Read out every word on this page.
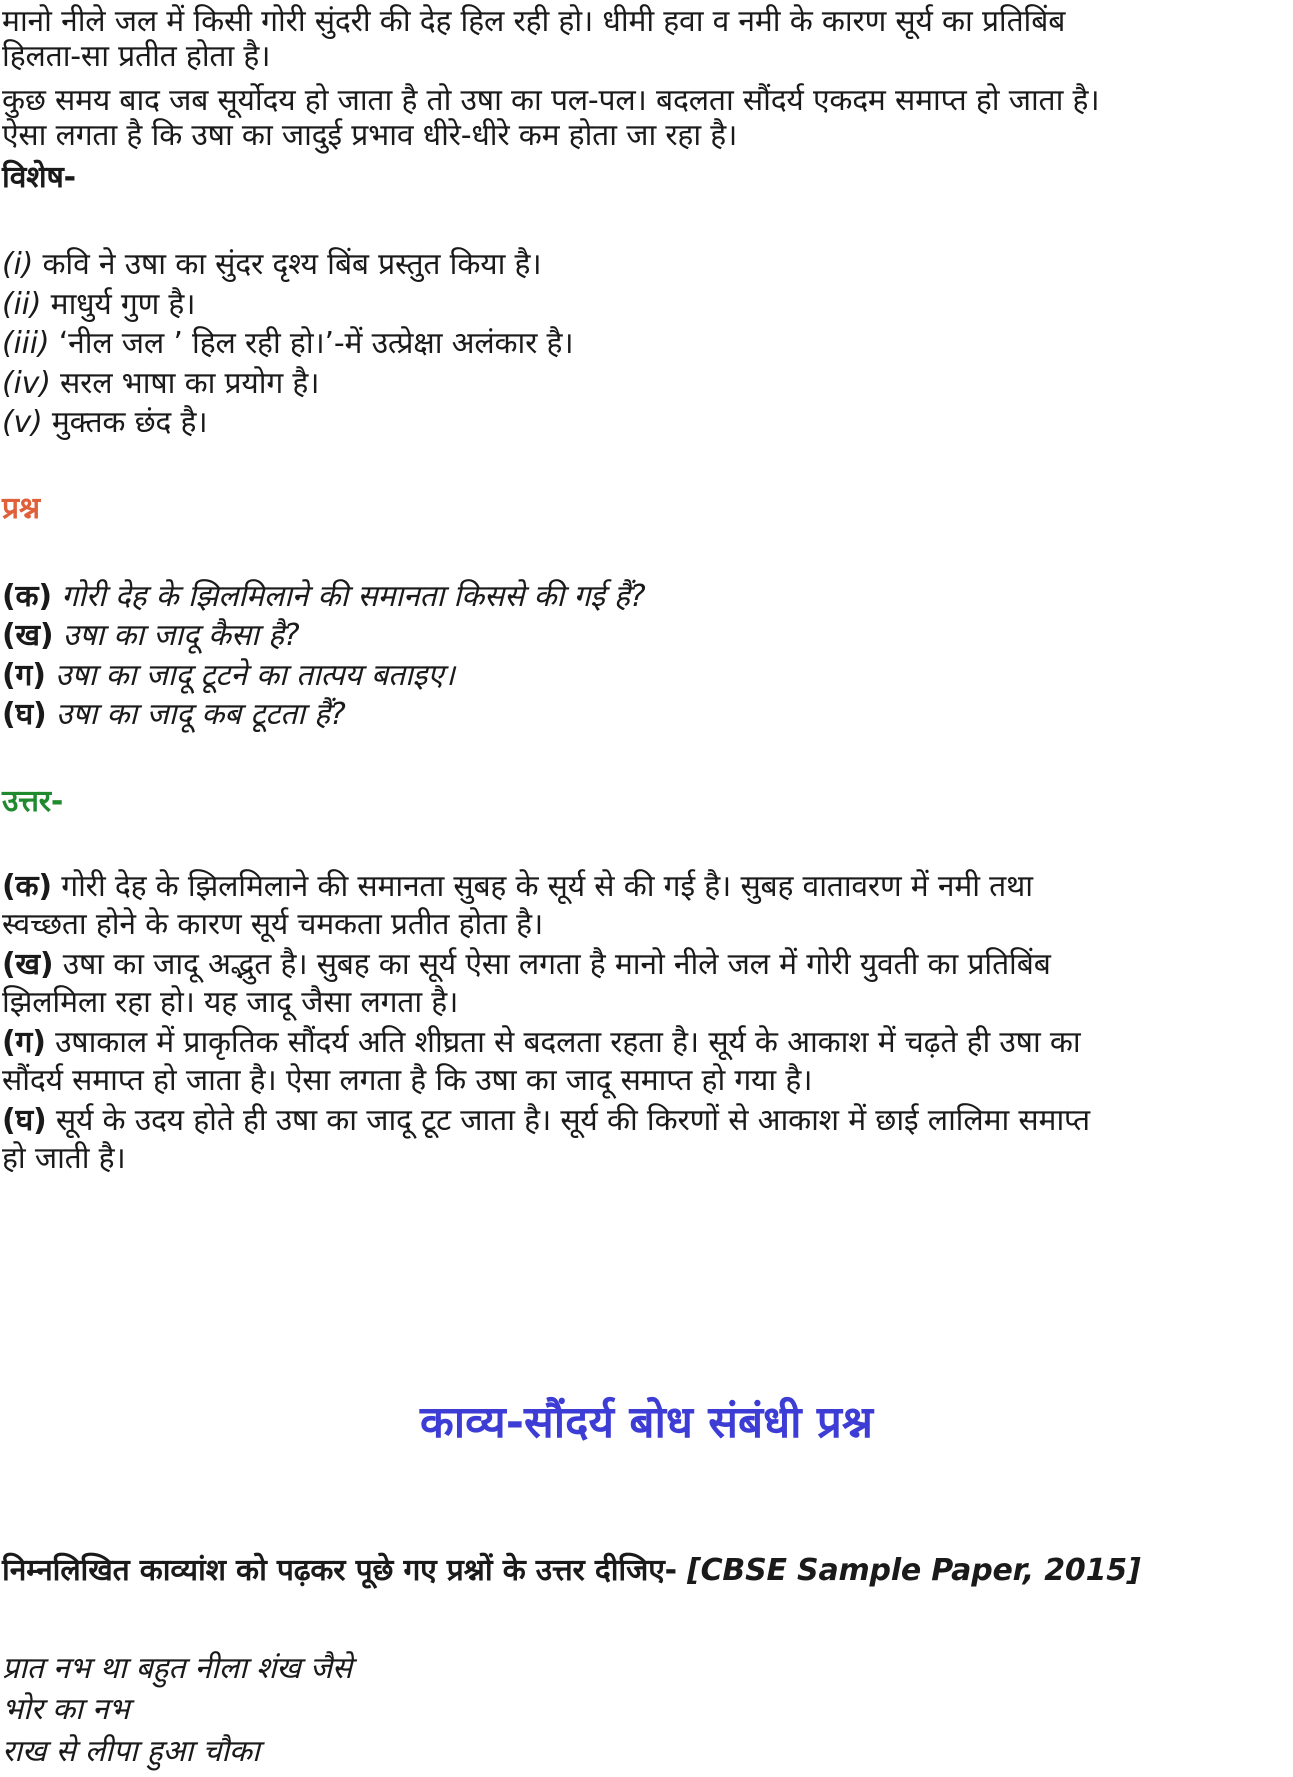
मानो नीले जल में किसी गोरी सुंदरी की देह हिल रही हो। धीमी हवा व नमी के कारण सूर्य का प्रतिबिंब

हिलता-सा प्रतीत होता है।

कुछ समय बाद जब सूर्योदय हो जाता है तो उषा का पल-पल। बदलता सौंदर्य एकदम समाप्त हो जाता है।

ऐसा लगता है कि उषा का जादुई प्रभाव धीरे-धीरे कम होता जा रहा है।

विशेष-

(i) कवि ने उषा का सुंदर दृश्य बिंब प्रस्तुत किया है।

(ii) माधुर्य गुण है।

(iii) ‘नील जल ’ हिल रही हो।’-में उत्प्रेक्षा अलंकार है।

(iv) सरल भाषा का प्रयोग है।

(v) मुक्तक छंद है।

प्रश्न

(क) गोरी देह के झिलमिलाने की समानता किससे की गई हैं?

(ख) उषा का जादू कैसा है?

(ग) उषा का जादू टूटने का तात्पय बताइए।

(घ) उषा का जादू कब टूटता हैं?

उत्तर-

(क) गोरी देह के झिलमिलाने की समानता सुबह के सूर्य से की गई है। सुबह वातावरण में नमी तथा

स्वच्छता होने के कारण सूर्य चमकता प्रतीत होता है।

(ख) उषा का जादू अद्भुत है। सुबह का सूर्य ऐसा लगता है मानो नीले जल में गोरी युवती का प्रतिबिंब

झिलमिला रहा हो। यह जादू जैसा लगता है।

(ग) उषाकाल में प्राकृतिक सौंदर्य अति शीघ्रता से बदलता रहता है। सूर्य के आकाश में चढ़ते ही उषा का

सौंदर्य समाप्त हो जाता है। ऐसा लगता है कि उषा का जादू समाप्त हो गया है।

(घ) सूर्य के उदय होते ही उषा का जादू टूट जाता है। सूर्य की किरणों से आकाश में छाई लालिमा समाप्त

हो जाती है।

काव्य-सौंदर्य बोध संबंधी प्रश्न

निम्नलिखित काव्यांश को पढ़कर पूछे गए प्रश्नों के उत्तर दीजिए- [CBSE Sample Paper, 2015]

प्रात नभ था बहुत नीला शंख जैसे

भोर का नभ

राख से लीपा हुआ चौका
